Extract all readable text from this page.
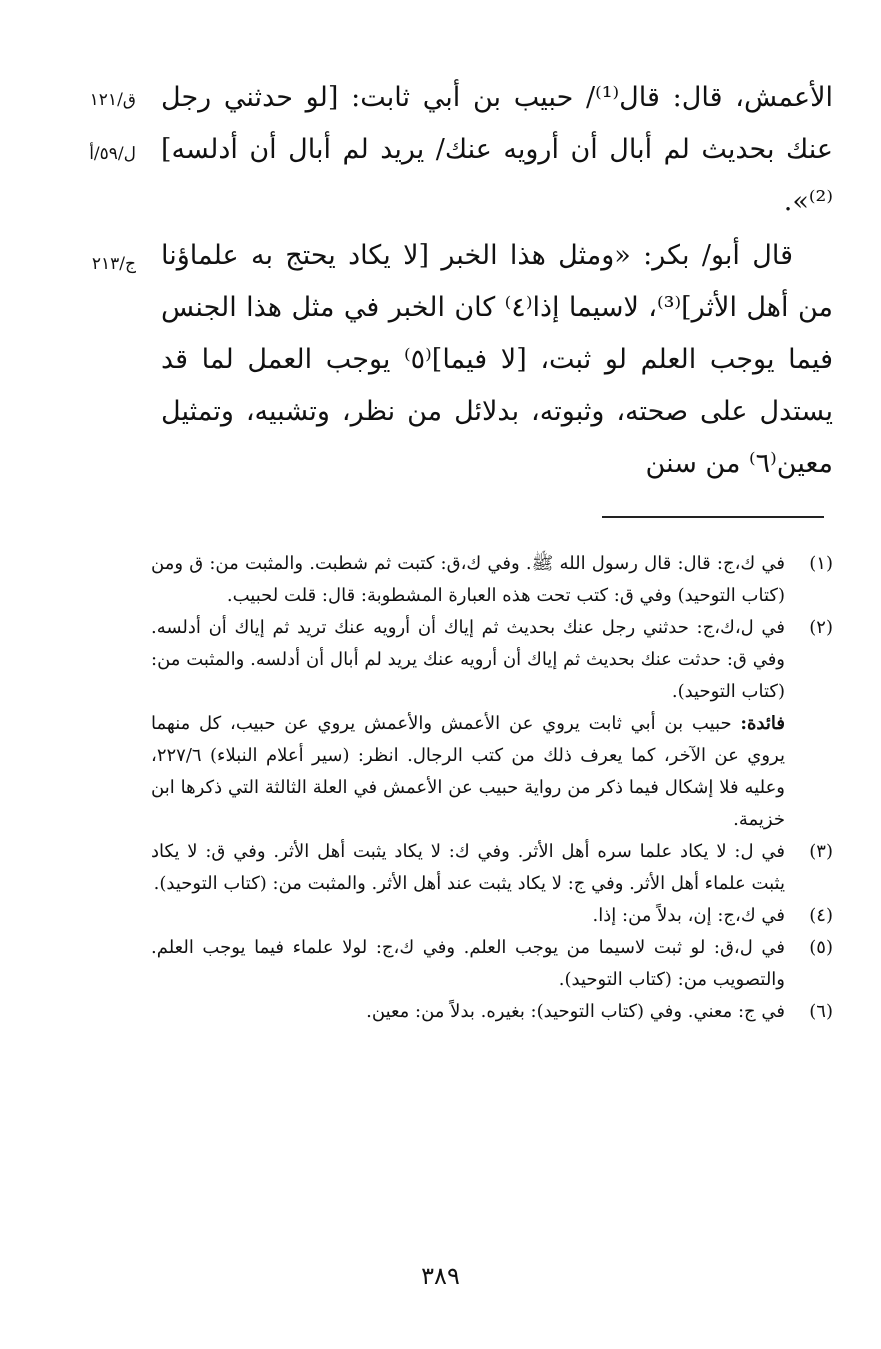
الأعمش، قال: قال⁽¹⁾/ حبيب بن أبي ثابت: [لو حدثني رجل عنك بحديث لم أبال أن أرويه عنك/ يريد لم أبال أن أدلسه]⁽²⁾».
قال أبو/ بكر: «ومثل هذا الخبر [لا يكاد يحتج به علماؤنا من أهل الأثر]⁽³⁾، لاسيما إذا⁽٤⁾ كان الخبر في مثل هذا الجنس فيما يوجب العلم لو ثبت، [لا فيما]⁽٥⁾ يوجب العمل لما قد يستدل على صحته، وثبوته، بدلائل من نظر، وتشبيه، وتمثيل معين⁽٦⁾ من سنن
ق/١٢١
ل/٥٩/أ
ج/٢١٣
(١)

في ك،ج: قال: قال رسول الله ﷺ. وفي ك،ق: كتبت ثم شطبت. والمثبت من: ق ومن (كتاب التوحيد) وفي ق: كتب تحت هذه العبارة المشطوبة: قال: قلت لحبيب.

(٢)

في ل،ك،ج: حدثني رجل عنك بحديث ثم إياك أن أرويه عنك تريد ثم إياك أن أدلسه. وفي ق: حدثت عنك بحديث ثم إياك أن أرويه عنك يريد لم أبال أن أدلسه. والمثبت من: (كتاب التوحيد).

فائدة: حبيب بن أبي ثابت يروي عن الأعمش والأعمش يروي عن حبيب، كل منهما يروي عن الآخر، كما يعرف ذلك من كتب الرجال. انظر: (سير أعلام النبلاء) ٢٢٧/٦، وعليه فلا إشكال فيما ذكر من رواية حبيب عن الأعمش في العلة الثالثة التي ذكرها ابن خزيمة.

(٣)

في ل: لا يكاد علما سره أهل الأثر. وفي ك: لا يكاد يثبت أهل الأثر. وفي ق: لا يكاد يثبت علماء أهل الأثر. وفي ج: لا يكاد يثبت عند أهل الأثر. والمثبت من: (كتاب التوحيد).

(٤)

في ك،ج: إن، بدلاً من: إذا.

(٥)

في ل،ق: لو ثبت لاسيما من يوجب العلم. وفي ك،ج: لولا علماء فيما يوجب العلم. والتصويب من: (كتاب التوحيد).

(٦)

في ج: معني. وفي (كتاب التوحيد): بغيره. بدلاً من: معين.

٣٨٩
